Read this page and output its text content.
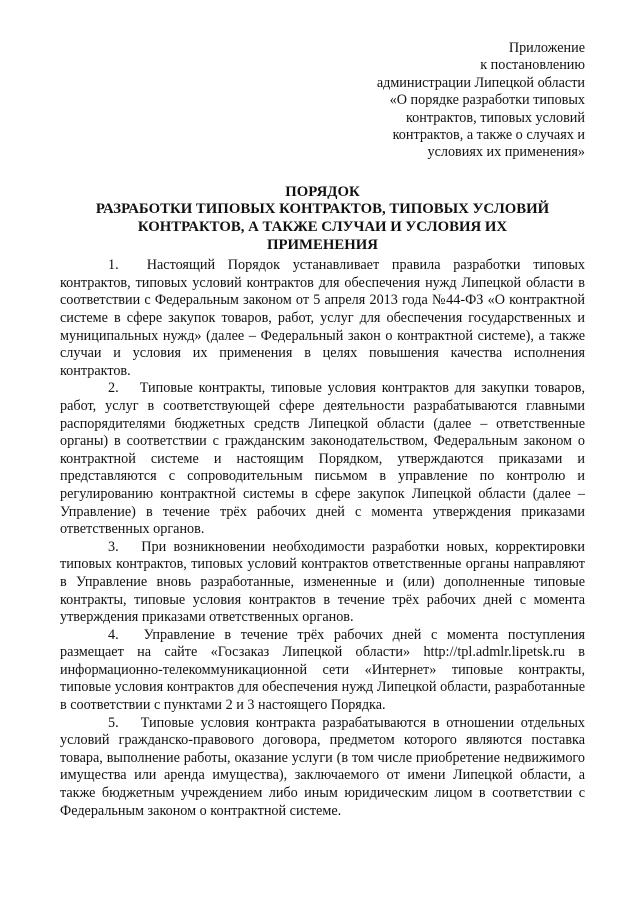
Приложение
к постановлению
администрации Липецкой области
«О порядке разработки типовых
контрактов, типовых условий
контрактов, а также о случаях и
условиях их применения»
ПОРЯДОК
РАЗРАБОТКИ ТИПОВЫХ КОНТРАКТОВ, ТИПОВЫХ УСЛОВИЙ
КОНТРАКТОВ, А ТАКЖЕ СЛУЧАИ И УСЛОВИЯ ИХ
ПРИМЕНЕНИЯ

1. Настоящий Порядок устанавливает правила разработки типовых контрактов, типовых условий контрактов для обеспечения нужд Липецкой области в соответствии с Федеральным законом от 5 апреля 2013 года №44-ФЗ «О контрактной системе в сфере закупок товаров, работ, услуг для обеспечения государственных и муниципальных нужд» (далее – Федеральный закон о контрактной системе), а также случаи и условия их применения в целях повышения качества исполнения контрактов.

2. Типовые контракты, типовые условия контрактов для закупки товаров, работ, услуг в соответствующей сфере деятельности разрабатываются главными распорядителями бюджетных средств Липецкой области (далее – ответственные органы) в соответствии с гражданским законодательством, Федеральным законом о контрактной системе и настоящим Порядком, утверждаются приказами и представляются с сопроводительным письмом в управление по контролю и регулированию контрактной системы в сфере закупок Липецкой области (далее – Управление) в течение трёх рабочих дней с момента утверждения приказами ответственных органов.

3. При возникновении необходимости разработки новых, корректировки типовых контрактов, типовых условий контрактов ответственные органы направляют в Управление вновь разработанные, измененные и (или) дополненные типовые контракты, типовые условия контрактов в течение трёх рабочих дней с момента утверждения приказами ответственных органов.

4. Управление в течение трёх рабочих дней с момента поступления размещает на сайте «Госзаказ Липецкой области» http://tpl.admlr.lipetsk.ru в информационно-телекоммуникационной сети «Интернет» типовые контракты, типовые условия контрактов для обеспечения нужд Липецкой области, разработанные в соответствии с пунктами 2 и 3 настоящего Порядка.

5. Типовые условия контракта разрабатываются в отношении отдельных условий гражданско-правового договора, предметом которого являются поставка товара, выполнение работы, оказание услуги (в том числе приобретение недвижимого имущества или аренда имущества), заключаемого от имени Липецкой области, а также бюджетным учреждением либо иным юридическим лицом в соответствии с Федеральным законом о контрактной системе.
